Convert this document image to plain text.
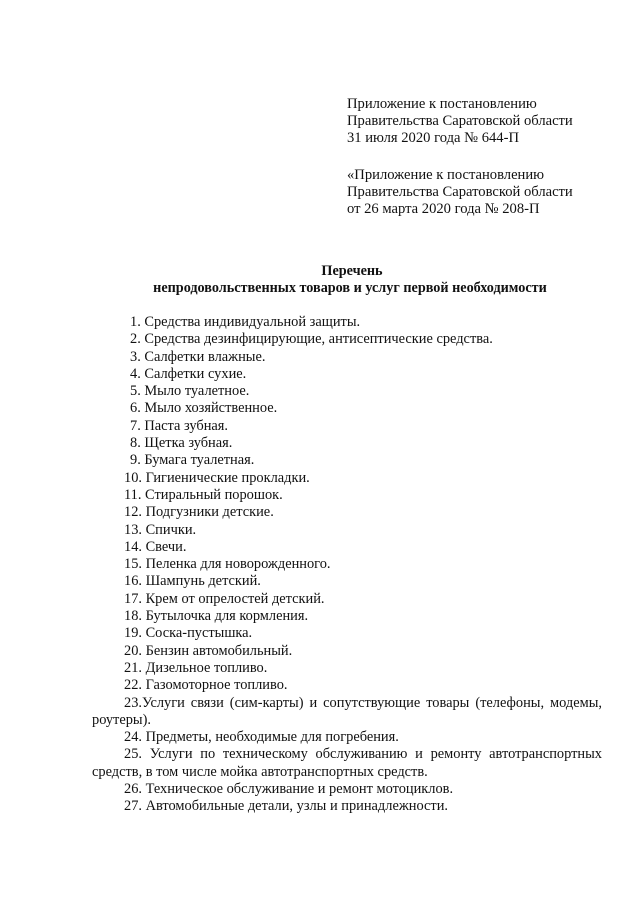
Приложение к постановлению
Правительства Саратовской области
31 июля 2020 года № 644-П
«Приложение к постановлению
Правительства Саратовской области
от 26 марта 2020 года № 208-П
Перечень
непродовольственных товаров и услуг первой необходимости
1. Средства индивидуальной защиты.
2. Средства дезинфицирующие, антисептические средства.
3. Салфетки влажные.
4. Салфетки сухие.
5. Мыло туалетное.
6. Мыло хозяйственное.
7. Паста зубная.
8. Щетка зубная.
9. Бумага туалетная.
10. Гигиенические прокладки.
11. Стиральный порошок.
12. Подгузники детские.
13. Спички.
14. Свечи.
15. Пеленка для новорожденного.
16. Шампунь детский.
17. Крем от опрелостей детский.
18. Бутылочка для кормления.
19. Соска-пустышка.
20. Бензин автомобильный.
21. Дизельное топливо.
22. Газомоторное топливо.
23.Услуги связи (сим-карты) и сопутствующие товары (телефоны, модемы, роутеры).
24. Предметы, необходимые для погребения.
25. Услуги по техническому обслуживанию и ремонту автотранспортных средств, в том числе мойка автотранспортных средств.
26. Техническое обслуживание и ремонт мотоциклов.
27. Автомобильные детали, узлы и принадлежности.
